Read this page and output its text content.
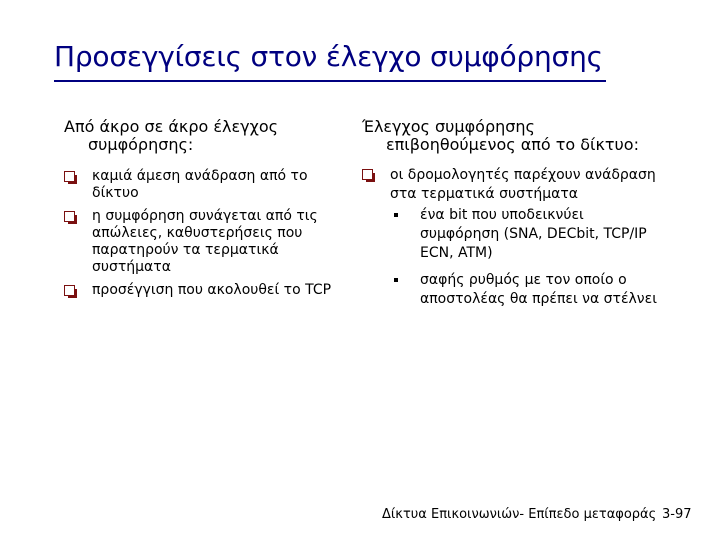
Προσεγγίσεις στον έλεγχο συμφόρησης
Από άκρο σε άκρο έλεγχος συμφόρησης:
καμιά άμεση ανάδραση από το δίκτυο
η συμφόρηση συνάγεται από τις απώλειες, καθυστερήσεις που παρατηρούν τα τερματικά συστήματα
προσέγγιση που ακολουθεί το TCP
Έλεγχος συμφόρησης επιβοηθούμενος από το δίκτυο:
οι δρομολογητές παρέχουν ανάδραση στα τερματικά συστήματα
ένα bit που υποδεικνύει συμφόρηση (SNA, DECbit, TCP/IP ECN, ATM)
σαφής ρυθμός με τον οποίο ο αποστολέας θα πρέπει να στέλνει
Δίκτυα Επικοινωνιών- Επίπεδο μεταφοράς 3-97
